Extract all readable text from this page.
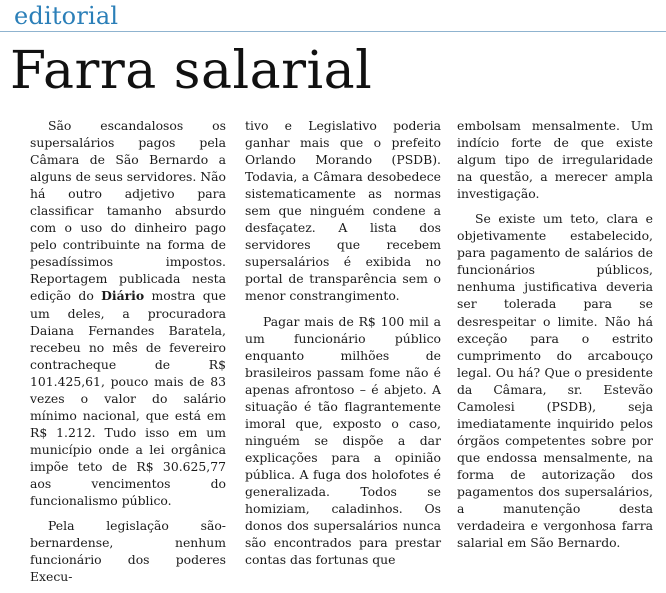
editorial
Farra salarial

São escandalosos os supersalários pagos pela Câmara de São Bernardo a alguns de seus servidores. Não há outro adjetivo para classificar tamanho absurdo com o uso do dinheiro pago pelo contribuinte na forma de pesadíssimos impostos. Reportagem publicada nesta edição do Diário mostra que um deles, a procuradora Daiana Fernandes Baratela, recebeu no mês de fevereiro contracheque de R$ 101.425,61, pouco mais de 83 vezes o valor do salário mínimo nacional, que está em R$ 1.212. Tudo isso em um município onde a lei orgânica impõe teto de R$ 30.625,77 aos vencimentos do funcionalismo público.

Pela legislação são-bernardense, nenhum funcionário dos poderes Execu-

tivo e Legislativo poderia ganhar mais que o prefeito Orlando Morando (PSDB). Todavia, a Câmara desobedece sistematicamente as normas sem que ninguém condene a desfaçatez. A lista dos servidores que recebem supersalários é exibida no portal de transparência sem o menor constrangimento.

Pagar mais de R$ 100 mil a um funcionário público enquanto milhões de brasileiros passam fome não é apenas afrontoso – é abjeto. A situação é tão flagrantemente imoral que, exposto o caso, ninguém se dispõe a dar explicações para a opinião pública. A fuga dos holofotes é generalizada. Todos se homiziam, caladinhos. Os donos dos supersalários nunca são encontrados para prestar contas das fortunas que

embolsam mensalmente. Um indício forte de que existe algum tipo de irregularidade na questão, a merecer ampla investigação.

Se existe um teto, clara e objetivamente estabelecido, para pagamento de salários de funcionários públicos, nenhuma justificativa deveria ser tolerada para se desrespeitar o limite. Não há exceção para o estrito cumprimento do arcabouço legal. Ou há? Que o presidente da Câmara, sr. Estevão Camolesi (PSDB), seja imediatamente inquirido pelos órgãos competentes sobre por que endossa mensalmente, na forma de autorização dos pagamentos dos supersalários, a manutenção desta verdadeira e vergonhosa farra salarial em São Bernardo.
